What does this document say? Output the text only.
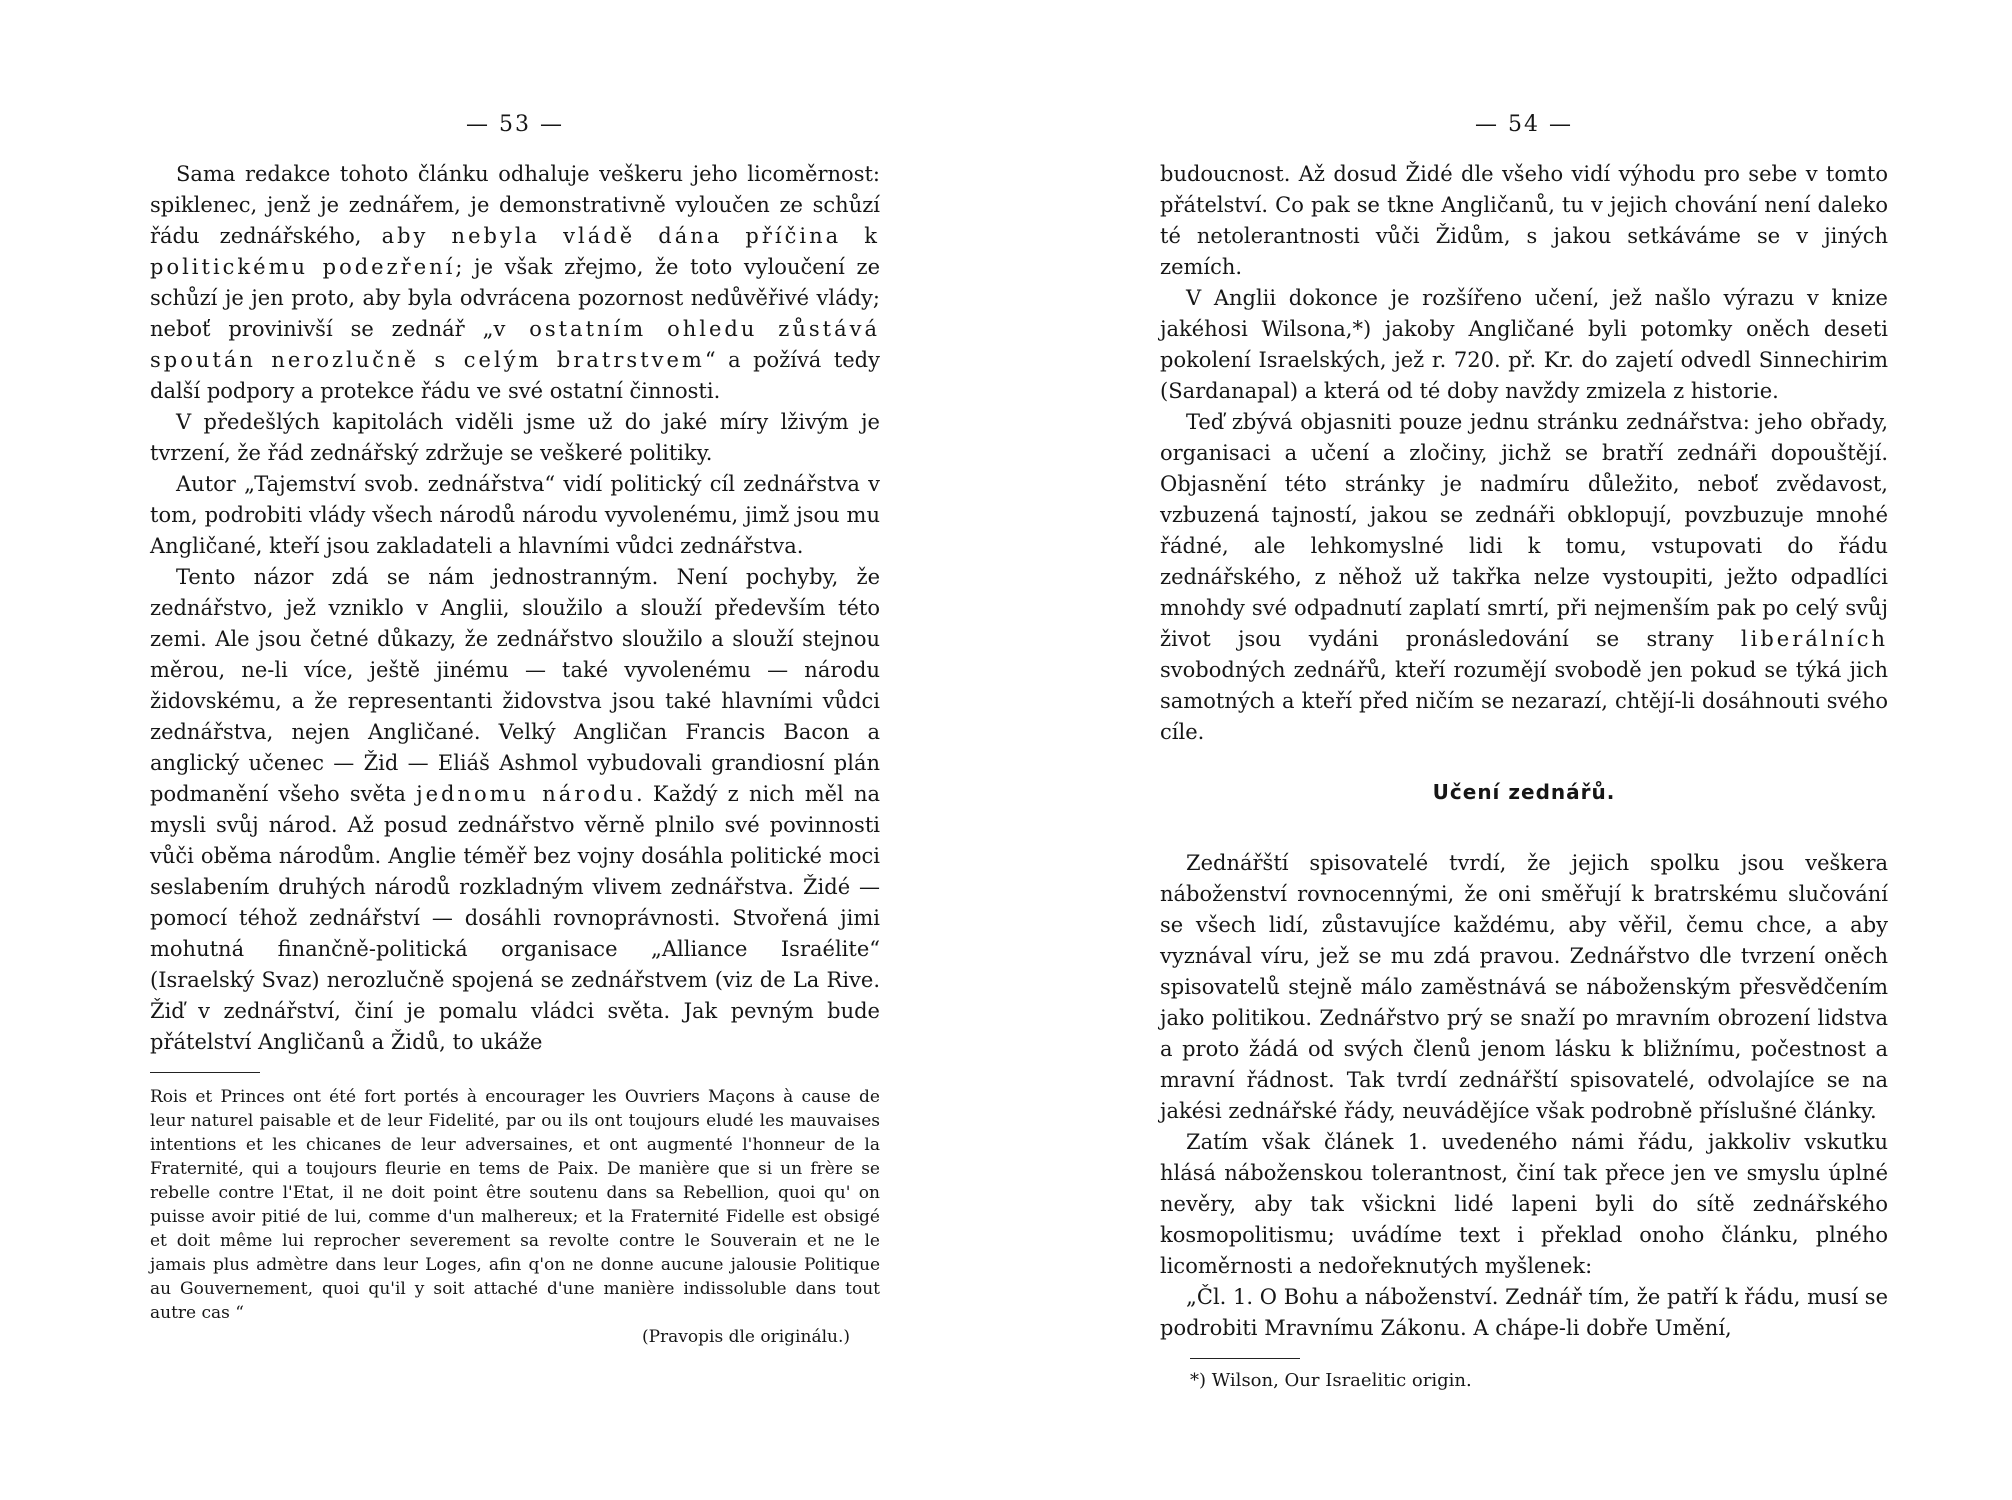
— 53 —

Sama redakce tohoto článku odhaluje veškeru jeho licoměrnost: spiklenec, jenž je zednářem, je demonstrativně vyloučen ze schůzí řádu zednářského, aby nebyla vládě dána příčina k politickému podezření; je však zřejmo, že toto vyloučení ze schůzí je jen proto, aby byla odvrácena pozornost nedůvěřivé vlády; neboť provinivší se zednář „v ostatním ohledu zůstává spoután nerozlučně s celým bratrstvem“ a požívá tedy další podpory a protekce řádu ve své ostatní činnosti.

V předešlých kapitolách viděli jsme už do jaké míry lživým je tvrzení, že řád zednářský zdržuje se veškeré politiky.

Autor „Tajemství svob. zednářstva“ vidí politický cíl zednářstva v tom, podrobiti vlády všech národů národu vyvolenému, jimž jsou mu Angličané, kteří jsou zakladateli a hlavními vůdci zednářstva.

Tento názor zdá se nám jednostranným. Není pochyby, že zednářstvo, jež vzniklo v Anglii, sloužilo a slouží především této zemi. Ale jsou četné důkazy, že zednářstvo sloužilo a slouží stejnou měrou, ne-li více, ještě jinému — také vyvolenému — národu židovskému, a že representanti židovstva jsou také hlavními vůdci zednářstva, nejen Angličané. Velký Angličan Francis Bacon a anglický učenec — Žid — Eliáš Ashmol vybudovali grandiosní plán podmanění všeho světa jednomu národu. Každý z nich měl na mysli svůj národ. Až posud zednářstvo věrně plnilo své povinnosti vůči oběma národům. Anglie téměř bez vojny dosáhla politické moci seslabením druhých národů rozkladným vlivem zednářstva. Židé — pomocí téhož zednářství — dosáhli rovnoprávnosti. Stvořená jimi mohutná finančně-politická organisace „Alliance Israélite“ (Israelský Svaz) nerozlučně spojená se zednářstvem (viz de La Rive. Žiď v zednářství, činí je pomalu vládci světa. Jak pevným bude přátelství Angličanů a Židů, to ukáže

Rois et Princes ont été fort portés à encourager les Ouvriers Maçons à cause de leur naturel paisable et de leur Fidelité, par ou ils ont toujours eludé les mauvaises intentions et les chicanes de leur adversaines, et ont augmenté l'honneur de la Fraternité, qui a toujours fleurie en tems de Paix. De manière que si un frère se rebelle contre l'Etat, il ne doit point être soutenu dans sa Rebellion, quoi qu' on puisse avoir pitié de lui, comme d'un malhereux; et la Fraternité Fidelle est obsigé et doit même lui reprocher severement sa revolte contre le Souverain et ne le jamais plus admètre dans leur Loges, afin q'on ne donne aucune jalousie Politique au Gouvernement, quoi qu'il y soit attaché d'une manière indissoluble dans tout autre cas “

(Pravopis dle originálu.)

— 54 —

budoucnost. Až dosud Židé dle všeho vidí výhodu pro sebe v tomto přátelství. Co pak se tkne Angličanů, tu v jejich chování není daleko té netolerantnosti vůči Židům, s jakou setkáváme se v jiných zemích.

V Anglii dokonce je rozšířeno učení, jež našlo výrazu v knize jakéhosi Wilsona,*) jakoby Angličané byli potomky oněch deseti pokolení Israelských, jež r. 720. př. Kr. do zajetí odvedl Sinnechirim (Sardanapal) a která od té doby navždy zmizela z historie.

Teď zbývá objasniti pouze jednu stránku zednářstva: jeho obřady, organisaci a učení a zločiny, jichž se bratří zednáři dopouštějí. Objasnění této stránky je nadmíru důležito, neboť zvědavost, vzbuzená tajností, jakou se zednáři obklopují, povzbuzuje mnohé řádné, ale lehkomyslné lidi k tomu, vstupovati do řádu zednářského, z něhož už takřka nelze vystoupiti, ježto odpadlíci mnohdy své odpadnutí zaplatí smrtí, při nejmenším pak po celý svůj život jsou vydáni pronásledování se strany liberálních svobodných zednářů, kteří rozumějí svobodě jen pokud se týká jich samotných a kteří před ničím se nezarazí, chtějí-li dosáhnouti svého cíle.

Učení zednářů.

Zednářští spisovatelé tvrdí, že jejich spolku jsou veškera náboženství rovnocennými, že oni směřují k bratrskému slučování se všech lidí, zůstavujíce každému, aby věřil, čemu chce, a aby vyznával víru, jež se mu zdá pravou. Zednářstvo dle tvrzení oněch spisovatelů stejně málo zaměstnává se náboženským přesvědčením jako politikou. Zednářstvo prý se snaží po mravním obrození lidstva a proto žádá od svých členů jenom lásku k bližnímu, počestnost a mravní řádnost. Tak tvrdí zednářští spisovatelé, odvolajíce se na jakési zednářské řády, neuvádějíce však podrobně příslušné články.

Zatím však článek 1. uvedeného námi řádu, jakkoliv vskutku hlásá náboženskou tolerantnost, činí tak přece jen ve smyslu úplné nevěry, aby tak všickni lidé lapeni byli do sítě zednářského kosmopolitismu; uvádíme text i překlad onoho článku, plného licoměrnosti a nedořeknutých myšlenek:

„Čl. 1. O Bohu a náboženství. Zednář tím, že patří k řádu, musí se podrobiti Mravnímu Zákonu. A chápe-li dobře Umění,

*) Wilson, Our Israelitic origin.
